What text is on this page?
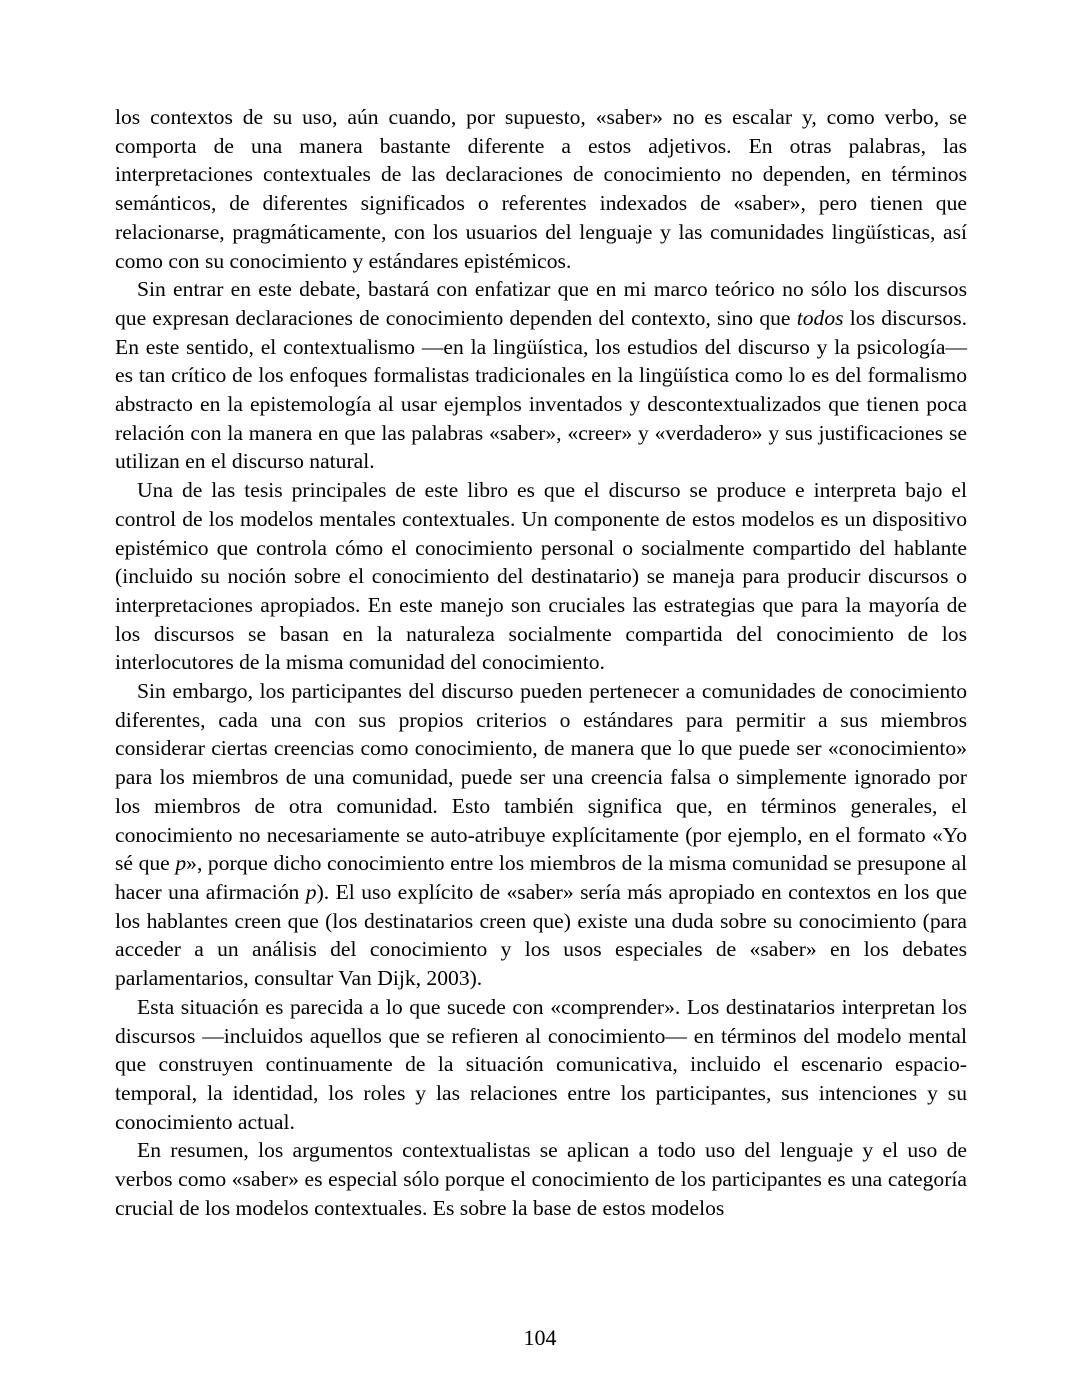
los contextos de su uso, aún cuando, por supuesto, «saber» no es escalar y, como verbo, se comporta de una manera bastante diferente a estos adjetivos. En otras palabras, las interpretaciones contextuales de las declaraciones de conocimiento no dependen, en términos semánticos, de diferentes significados o referentes indexados de «saber», pero tienen que relacionarse, pragmáticamente, con los usuarios del lenguaje y las comunidades lingüísticas, así como con su conocimiento y estándares epistémicos.

Sin entrar en este debate, bastará con enfatizar que en mi marco teórico no sólo los discursos que expresan declaraciones de conocimiento dependen del contexto, sino que todos los discursos. En este sentido, el contextualismo —en la lingüística, los estudios del discurso y la psicología— es tan crítico de los enfoques formalistas tradicionales en la lingüística como lo es del formalismo abstracto en la epistemología al usar ejemplos inventados y descontextualizados que tienen poca relación con la manera en que las palabras «saber», «creer» y «verdadero» y sus justificaciones se utilizan en el discurso natural.

Una de las tesis principales de este libro es que el discurso se produce e interpreta bajo el control de los modelos mentales contextuales. Un componente de estos modelos es un dispositivo epistémico que controla cómo el conocimiento personal o socialmente compartido del hablante (incluido su noción sobre el conocimiento del destinatario) se maneja para producir discursos o interpretaciones apropiados. En este manejo son cruciales las estrategias que para la mayoría de los discursos se basan en la naturaleza socialmente compartida del conocimiento de los interlocutores de la misma comunidad del conocimiento.

Sin embargo, los participantes del discurso pueden pertenecer a comunidades de conocimiento diferentes, cada una con sus propios criterios o estándares para permitir a sus miembros considerar ciertas creencias como conocimiento, de manera que lo que puede ser «conocimiento» para los miembros de una comunidad, puede ser una creencia falsa o simplemente ignorado por los miembros de otra comunidad. Esto también significa que, en términos generales, el conocimiento no necesariamente se auto-atribuye explícitamente (por ejemplo, en el formato «Yo sé que p», porque dicho conocimiento entre los miembros de la misma comunidad se presupone al hacer una afirmación p). El uso explícito de «saber» sería más apropiado en contextos en los que los hablantes creen que (los destinatarios creen que) existe una duda sobre su conocimiento (para acceder a un análisis del conocimiento y los usos especiales de «saber» en los debates parlamentarios, consultar Van Dijk, 2003).

Esta situación es parecida a lo que sucede con «comprender». Los destinatarios interpretan los discursos —incluidos aquellos que se refieren al conocimiento— en términos del modelo mental que construyen continuamente de la situación comunicativa, incluido el escenario espacio-temporal, la identidad, los roles y las relaciones entre los participantes, sus intenciones y su conocimiento actual.

En resumen, los argumentos contextualistas se aplican a todo uso del lenguaje y el uso de verbos como «saber» es especial sólo porque el conocimiento de los participantes es una categoría crucial de los modelos contextuales. Es sobre la base de estos modelos

104
